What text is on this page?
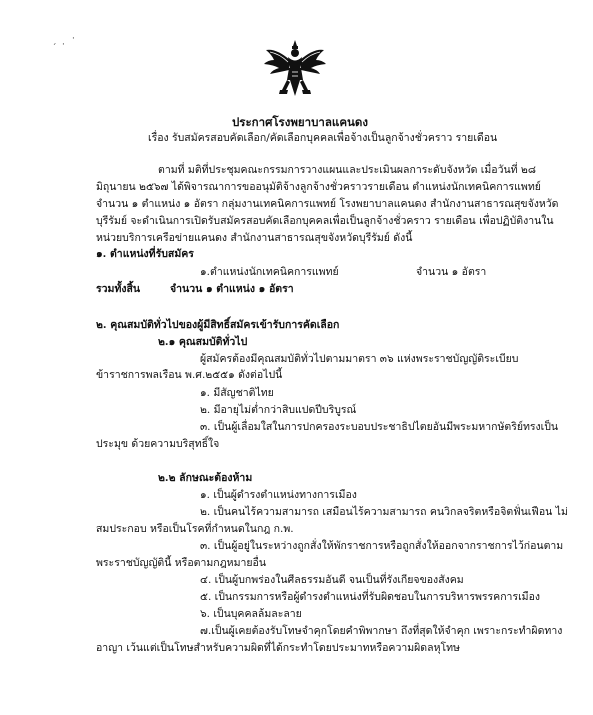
ˊ ·
·
ประกาศโรงพยาบาลแคนดง
เรื่อง รับสมัครสอบคัดเลือก/คัดเลือกบุคคลเพื่อจ้างเป็นลูกจ้างชั่วคราว รายเดือน
ตามที่ มติที่ประชุมคณะกรรมการวางแผนและประเมินผลการะดับจังหวัด เมื่อวันที่ ๒๘
มิถุนายน ๒๕๖๗ ได้พิจารณาการขออนุมัติจ้างลูกจ้างชั่วคราวรายเดือน ตำแหน่งนักเทคนิคการแพทย์
จำนวน ๑ ตำแหน่ง ๑ อัตรา กลุ่มงานเทคนิคการแพทย์ โรงพยาบาลแคนดง สำนักงานสาธารณสุขจังหวัด
บุรีรัมย์ จะดำเนินการเปิดรับสมัครสอบคัดเลือกบุคคลเพื่อเป็นลูกจ้างชั่วคราว รายเดือน เพื่อปฏิบัติงานใน
หน่วยบริการเครือข่ายแคนดง สำนักงานสาธารณสุขจังหวัดบุรีรัมย์ ดังนี้
๑. ตำแหน่งที่รับสมัคร
๑.ตำแหน่งนักเทคนิคการแพทย์	จำนวน ๑ อัตรา
รวมทั้งสิ้น	จำนวน ๑ ตำแหน่ง ๑ อัตรา
๒. คุณสมบัติทั่วไปของผู้มีสิทธิ์สมัครเข้ารับการคัดเลือก
๒.๑ คุณสมบัติทั่วไป
ผู้สมัครต้องมีคุณสมบัติทั่วไปตามมาตรา ๓๖ แห่งพระราชบัญญัติระเบียบ
ข้าราชการพลเรือน พ.ศ.๒๕๕๑ ดังต่อไปนี้
๑. มีสัญชาติไทย
๒. มีอายุไม่ต่ำกว่าสิบแปดปีบริบูรณ์
๓. เป็นผู้เลื่อมใสในการปกครองระบอบประชาธิปไตยอันมีพระมหากษัตริย์ทรงเป็น
ประมุข ด้วยความบริสุทธิ์ใจ
๒.๒ ลักษณะต้องห้าม
๑. เป็นผู้ดำรงตำแหน่งทางการเมือง
๒. เป็นคนไร้ความสามารถ เสมือนไร้ความสามารถ คนวิกลจริตหรือจิตฟั่นเฟือน ไม่
สมประกอบ หรือเป็นโรคที่กำหนดในกฎ ก.พ.
๓. เป็นผู้อยู่ในระหว่างถูกสั่งให้พักราชการหรือถูกสั่งให้ออกจากราชการไว้ก่อนตาม
พระราชบัญญัตินี้ หรือตามกฎหมายอื่น
๔. เป็นผู้บกพร่องในศีลธรรมอันดี จนเป็นที่รังเกียจของสังคม
๕. เป็นกรรมการหรือผู้ดำรงตำแหน่งที่รับผิดชอบในการบริหารพรรคการเมือง
๖. เป็นบุคคลล้มละลาย
๗.เป็นผู้เคยต้องรับโทษจำคุกโดยคำพิพากษา ถึงที่สุดให้จำคุก เพราะกระทำผิดทาง
อาญา เว้นแต่เป็นโทษสำหรับความผิดที่ได้กระทำโดยประมาทหรือความผิดลหุโทษ
